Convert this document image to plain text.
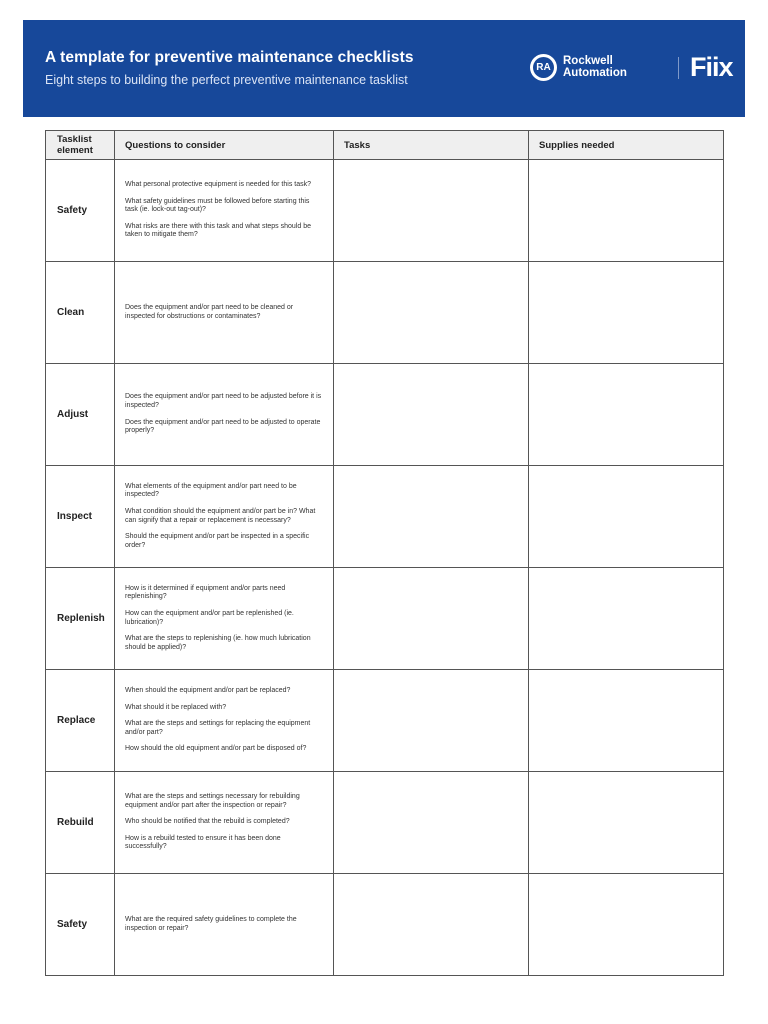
A template for preventive maintenance checklists
Eight steps to building the perfect preventive maintenance tasklist
RA
Rockwell
Automation Fiix
Tasklist element	Questions to consider	Tasks	Supplies needed
Safety	What personal protective equipment is needed for this task?

What safety guidelines must be followed before starting this task (ie. lock-out tag-out)?

What risks are there with this task and what steps should be taken to mitigate them?		

Clean	Does the equipment and/or part need to be cleaned or inspected for obstructions or contaminates?		

Adjust	Does the equipment and/or part need to be adjusted before it is inspected?

Does the equipment and/or part need to be adjusted to operate properly?		

Inspect	What elements of the equipment and/or part need to be inspected?

What condition should the equipment and/or part be in? What can signify that a repair or replacement is necessary?

Should the equipment and/or part be inspected in a specific order?		

Replenish	How is it determined if equipment and/or parts need replenishing?

How can the equipment and/or part be replenished (ie. lubrication)?

What are the steps to replenishing (ie. how much lubrication should be applied)?		

Replace	When should the equipment and/or part be replaced?

What should it be replaced with?

What are the steps and settings for replacing the equipment and/or part?

How should the old equipment and/or part be disposed of?		

Rebuild	What are the steps and settings necessary for rebuilding equipment and/or part after the inspection or repair?

Who should be notified that the rebuild is completed?

How is a rebuild tested to ensure it has been done successfully?		

Safety	What are the required safety guidelines to complete the inspection or repair?		
